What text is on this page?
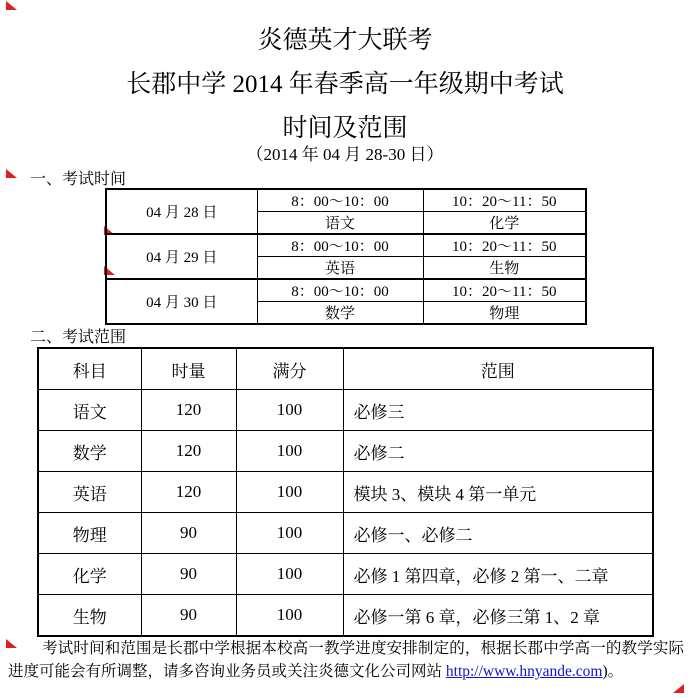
炎德英才大联考
长郡中学 2014 年春季高一年级期中考试
时间及范围
（2014 年 04 月 28-30 日）
一、考试时间
04 月 28 日	8：00～10：00	10：20～11：50
	语文	化学
04 月 29 日	8：00～10：00	10：20～11：50
	英语	生物
04 月 30 日	8：00～10：00	10：20～11：50
	数学	物理
二、考试范围
科目	时量	满分	范围
语文	120	100	必修三
数学	120	100	必修二
英语	120	100	模块 3、模块 4 第一单元
物理	90	100	必修一、必修二
化学	90	100	必修 1 第四章，必修 2 第一、二章
生物	90	100	必修一第 6 章，必修三第 1、2 章

考试时间和范围是长郡中学根据本校高一教学进度安排制定的，根据长郡中学高一的教学实际进度可能会有所调整，请多咨询业务员或关注炎德文化公司网站 http://www.hnyande.com)。
